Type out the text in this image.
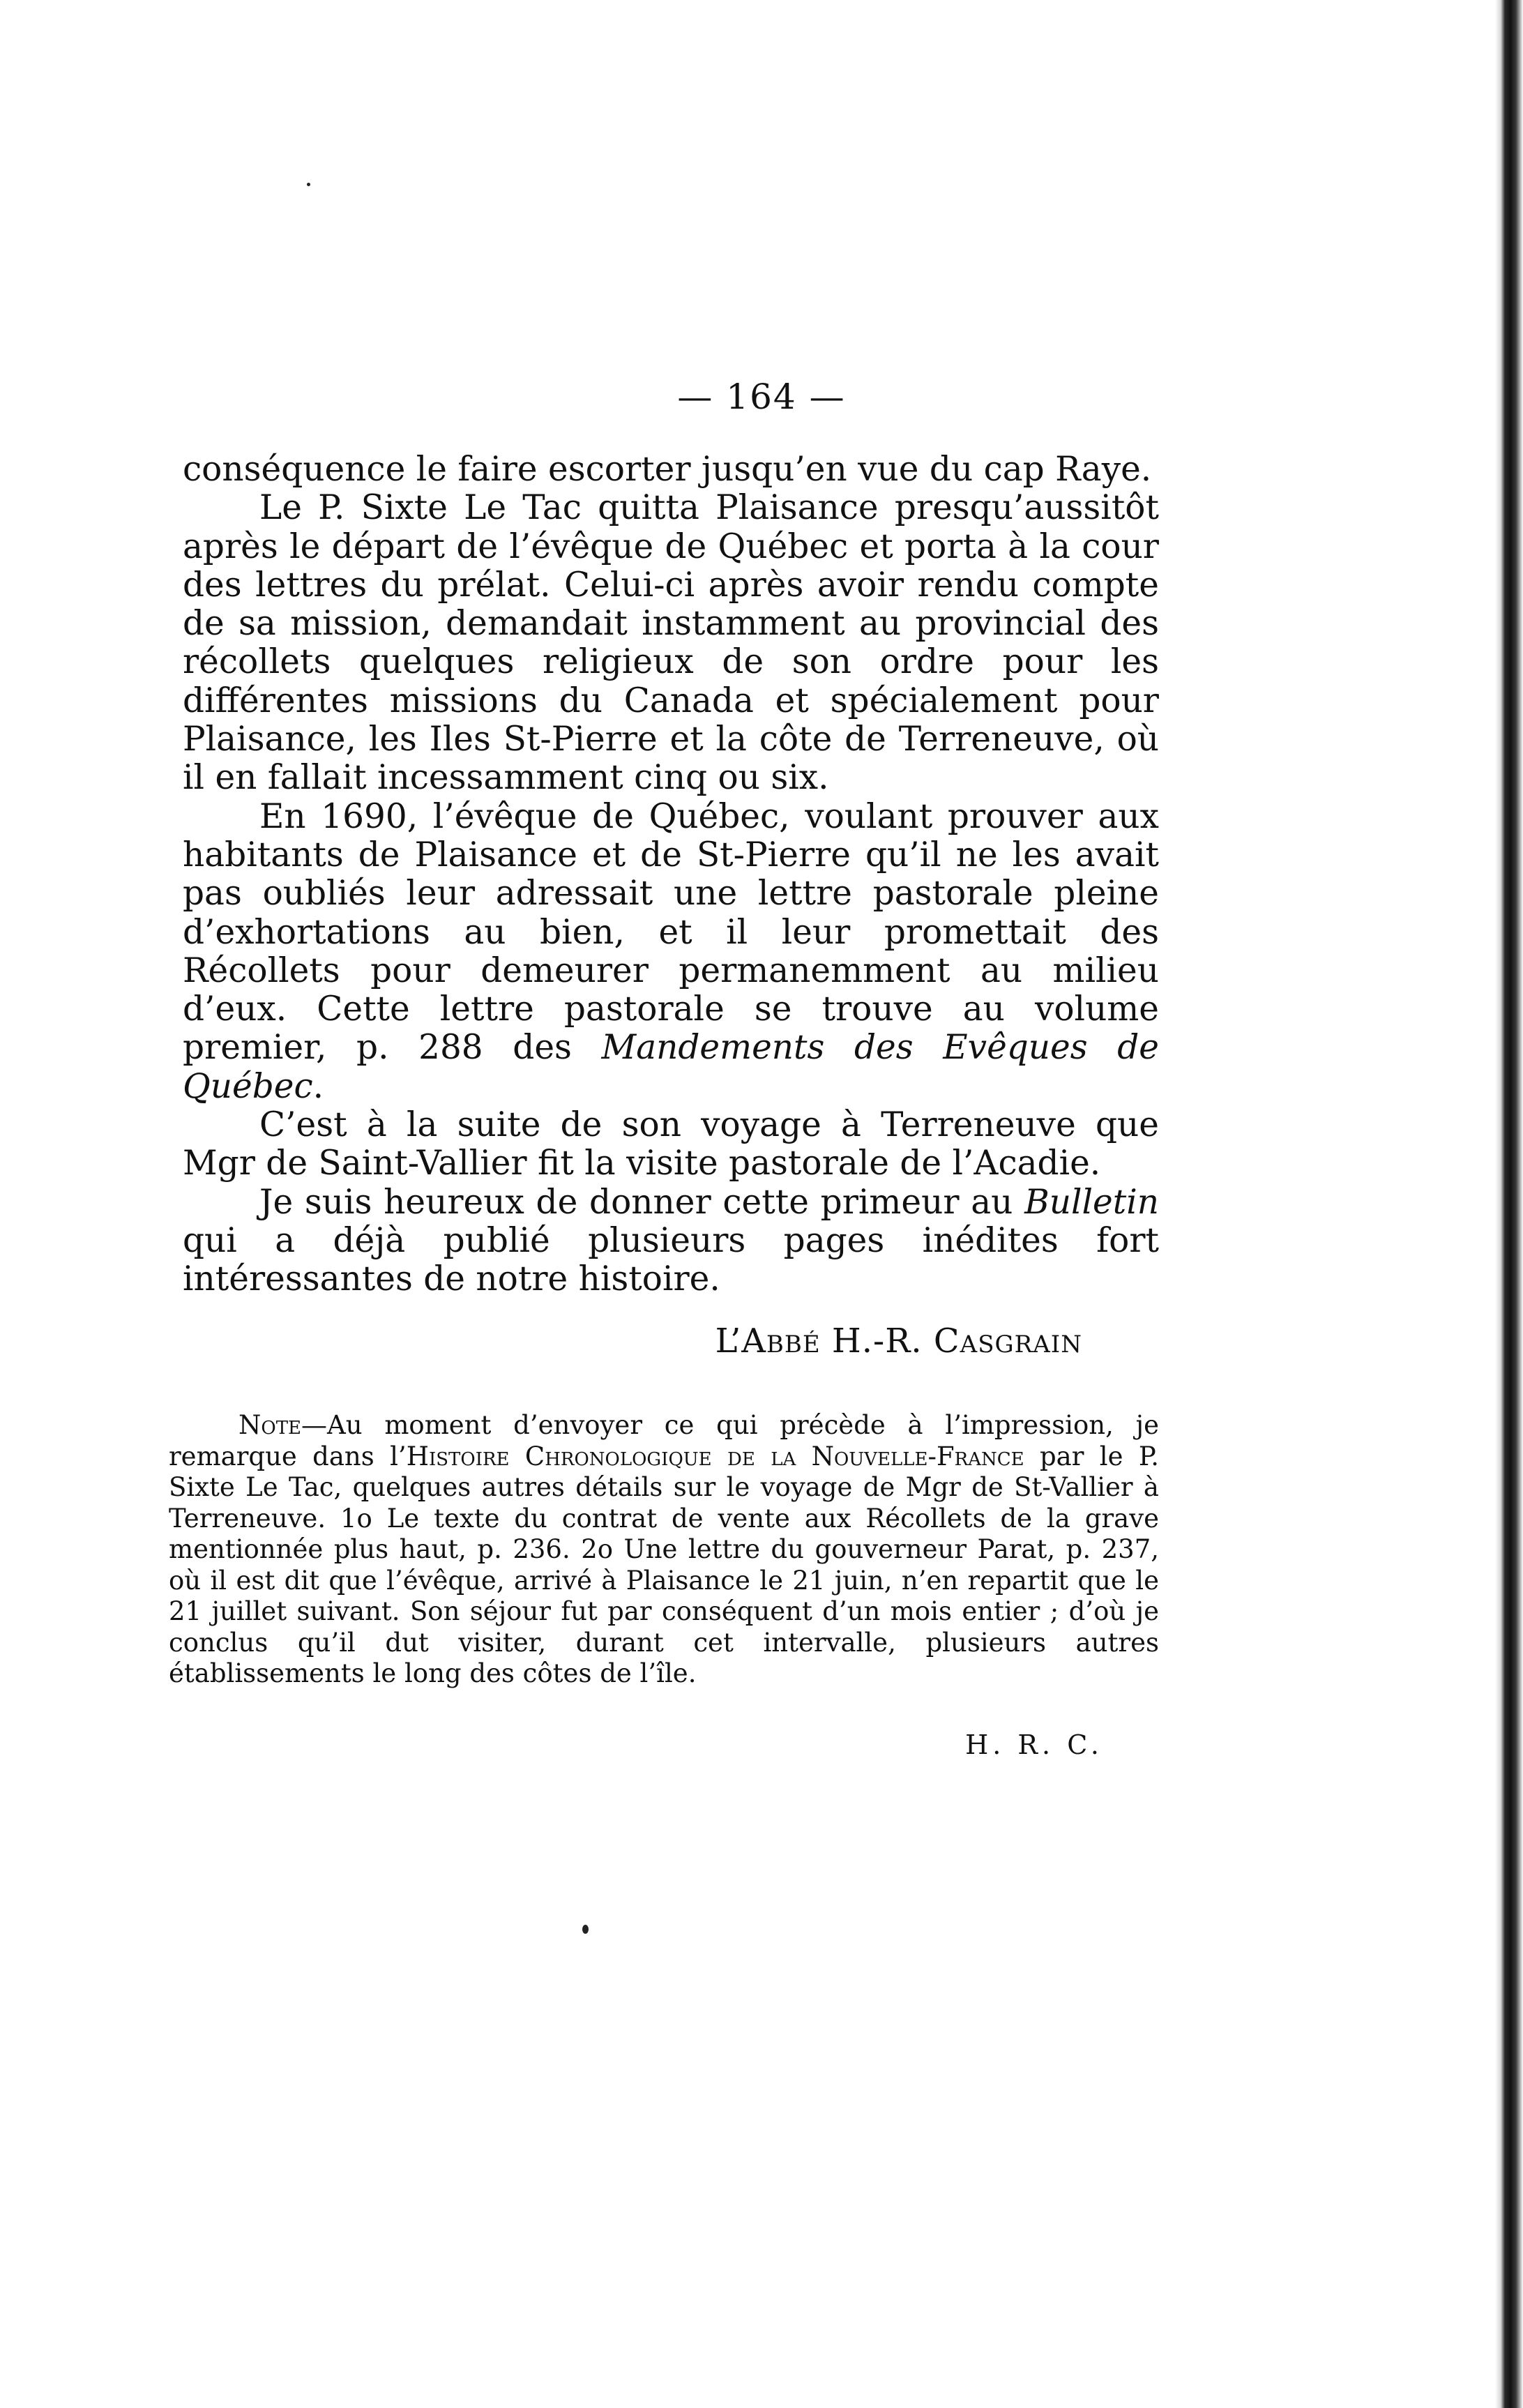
— 164 —

conséquence le faire escorter jusqu’en vue du cap Raye.

Le P. Sixte Le Tac quitta Plaisance presqu’aussitôt après le départ de l’évêque de Québec et porta à la cour des lettres du prélat. Celui-ci après avoir rendu compte de sa mission, demandait instamment au provincial des récollets quelques religieux de son ordre pour les différentes missions du Canada et spécialement pour Plaisance, les Iles St-Pierre et la côte de Terreneuve, où il en fallait incessamment cinq ou six.

En 1690, l’évêque de Québec, voulant prouver aux habitants de Plaisance et de St-Pierre qu’il ne les avait pas oubliés leur adressait une lettre pastorale pleine d’exhortations au bien, et il leur promettait des Récollets pour demeurer permanemment au milieu d’eux. Cette lettre pastorale se trouve au volume premier, p. 288 des Mandements des Evêques de Québec.

C’est à la suite de son voyage à Terreneuve que Mgr de Saint-Vallier fit la visite pastorale de l’Acadie.

Je suis heureux de donner cette primeur au Bulletin qui a déjà publié plusieurs pages inédites fort intéressantes de notre histoire.

L’Abbé H.-R. Casgrain

Note—Au moment d’envoyer ce qui précède à l’impression, je remarque dans l’Histoire Chronologique de la Nouvelle-France par le P. Sixte Le Tac, quelques autres détails sur le voyage de Mgr de St-Vallier à Terreneuve. 1o Le texte du contrat de vente aux Récollets de la grave mentionnée plus haut, p. 236. 2o Une lettre du gouverneur Parat, p. 237, où il est dit que l’évêque, arrivé à Plaisance le 21 juin, n’en repartit que le 21 juillet suivant. Son séjour fut par conséquent d’un mois entier ; d’où je conclus qu’il dut visiter, durant cet intervalle, plusieurs autres établissements le long des côtes de l’île.

H. R. C.
